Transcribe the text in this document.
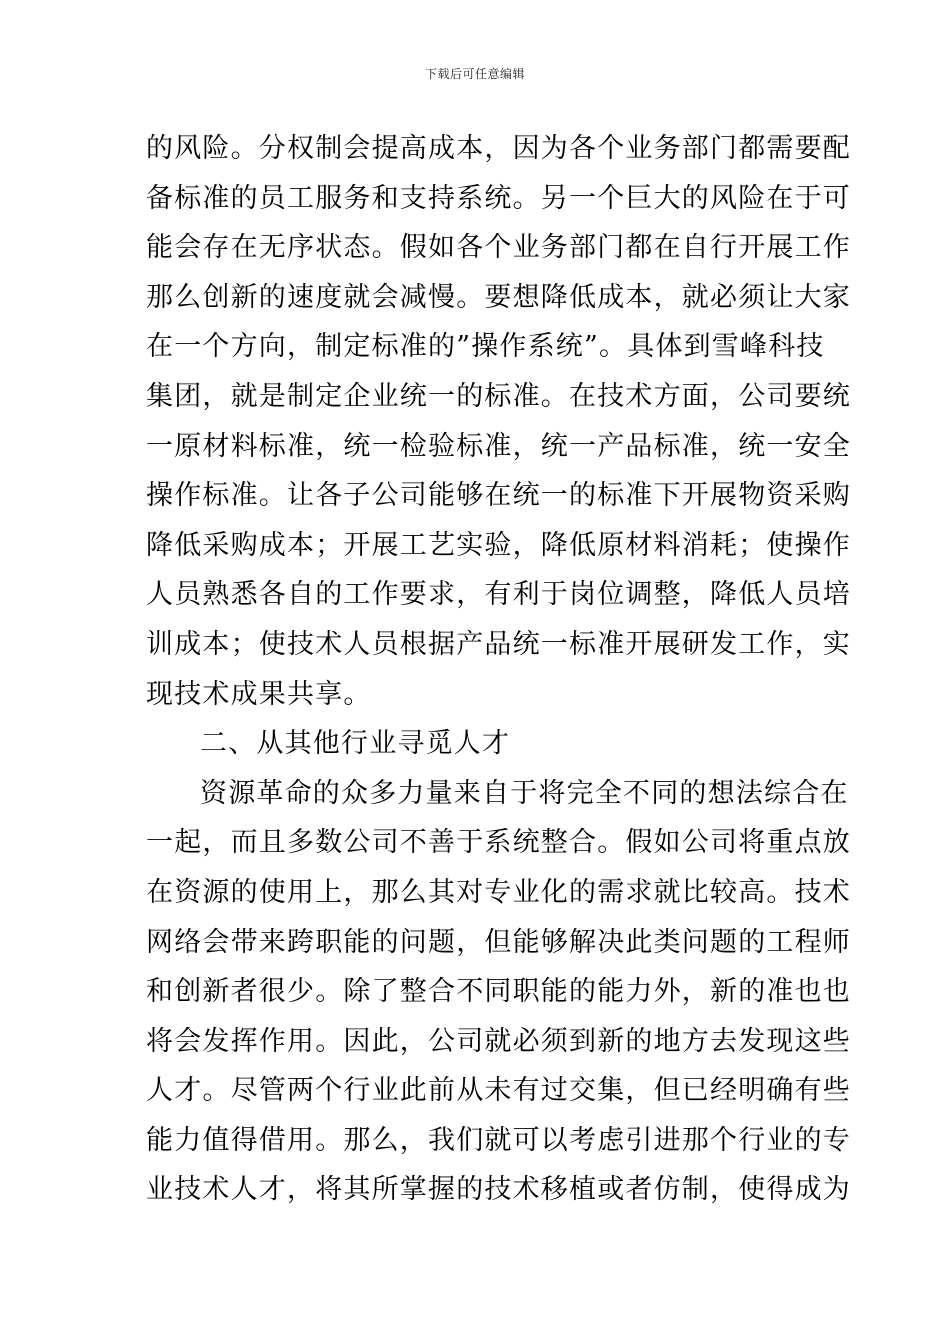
下载后可任意编辑
的风险。分权制会提高成本，因为各个业务部门都需要配
备标准的员工服务和支持系统。另一个巨大的风险在于可
能会存在无序状态。假如各个业务部门都在自行开展工作
那么创新的速度就会减慢。要想降低成本，就必须让大家
在一个方向，制定标准的”操作系统”。具体到雪峰科技
集团，就是制定企业统一的标准。在技术方面，公司要统
一原材料标准，统一检验标准，统一产品标准，统一安全
操作标准。让各子公司能够在统一的标准下开展物资采购
降低采购成本；开展工艺实验，降低原材料消耗；使操作
人员熟悉各自的工作要求，有利于岗位调整，降低人员培
训成本；使技术人员根据产品统一标准开展研发工作，实
现技术成果共享。
二、从其他行业寻觅人才
资源革命的众多力量来自于将完全不同的想法综合在
一起，而且多数公司不善于系统整合。假如公司将重点放
在资源的使用上，那么其对专业化的需求就比较高。技术
网络会带来跨职能的问题，但能够解决此类问题的工程师
和创新者很少。除了整合不同职能的能力外，新的准也也
将会发挥作用。因此，公司就必须到新的地方去发现这些
人才。尽管两个行业此前从未有过交集，但已经明确有些
能力值得借用。那么，我们就可以考虑引进那个行业的专
业技术人才，将其所掌握的技术移植或者仿制，使得成为
